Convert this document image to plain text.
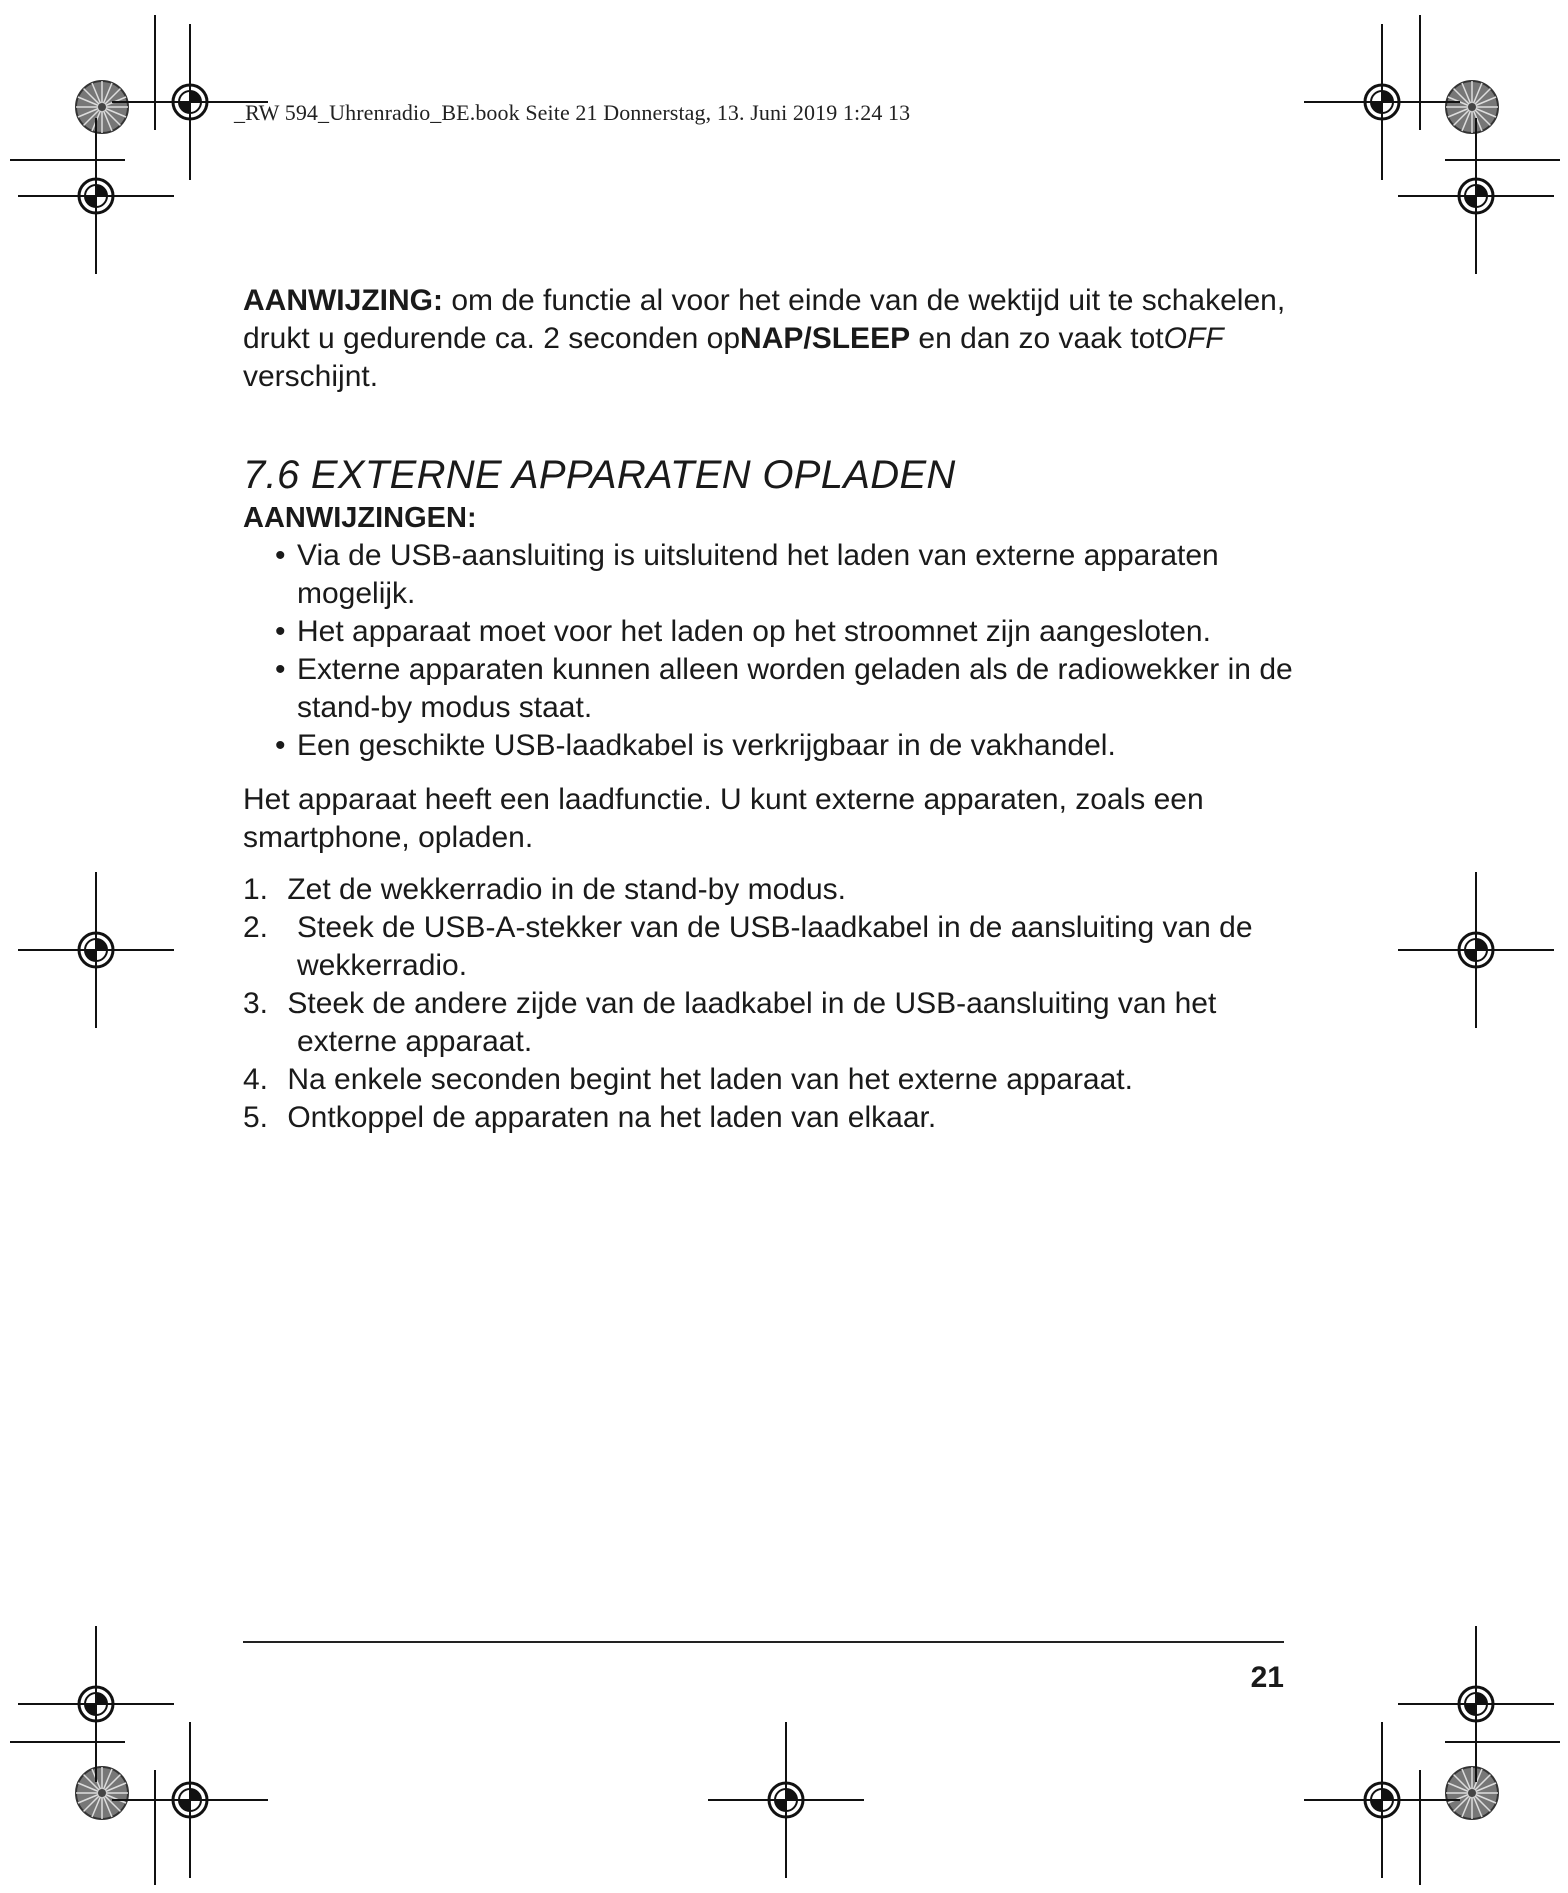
_RW 594_Uhrenradio_BE.book Seite 21 Donnerstag, 13. Juni 2019 1:24 13

AANWIJZING: om de functie al voor het einde van de wektijd uit te schakelen, drukt u gedurende ca. 2 seconden opNAP/SLEEP en dan zo vaak totOFF verschijnt.

7.6 EXTERNE APPARATEN OPLADEN

AANWIJZINGEN:

• Via de USB-aansluiting is uitsluitend het laden van externe apparaten mogelijk.
• Het apparaat moet voor het laden op het stroomnet zijn aangesloten.
• Externe apparaten kunnen alleen worden geladen als de radiowekker in de stand-by modus staat.
• Een geschikte USB-laadkabel is verkrijgbaar in de vakhandel.

Het apparaat heeft een laadfunctie. U kunt externe apparaten, zoals een smartphone, opladen.

1. Zet de wekkerradio in de stand-by modus.
2. Steek de USB-A-stekker van de USB-laadkabel in de aansluiting van de wekkerradio.
3. Steek de andere zijde van de laadkabel in de USB-aansluiting van het externe apparaat.
4. Na enkele seconden begint het laden van het externe apparaat.
5. Ontkoppel de apparaten na het laden van elkaar.
21
